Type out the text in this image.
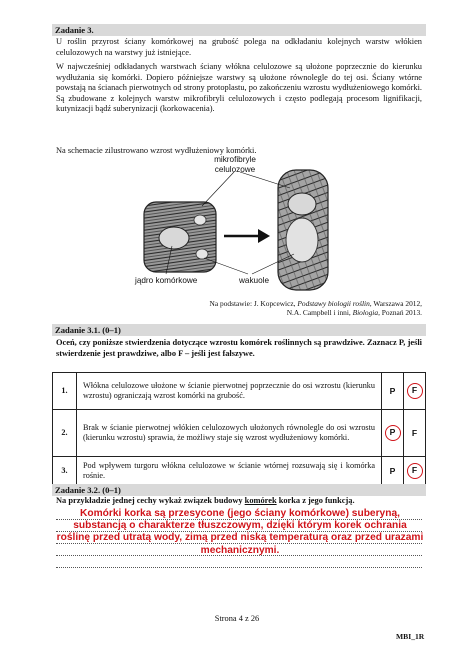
Zadanie 3.
U roślin przyrost ściany komórkowej na grubość polega na odkładaniu kolejnych warstw włókien celulozowych na warstwy już istniejące.
W najwcześniej odkładanych warstwach ściany włókna celulozowe są ułożone poprzecznie do kierunku wydłużania się komórki. Dopiero późniejsze warstwy są ułożone równolegle do tej osi. Ściany wtórne powstają na ścianach pierwotnych od strony protoplastu, po zakończeniu wzrostu wydłużeniowego komórki. Są zbudowane z kolejnych warstw mikrofibryli celulozowych i często podlegają procesom lignifikacji, kutynizacji bądź suberynizacji (korkowacenia).
Na schemacie zilustrowano wzrost wydłużeniowy komórki.
mikrofibryle celulozowe
jądro komórkowe	wakuole
Na podstawie: J. Kopcewicz, Podstawy biologii roślin, Warszawa 2012,
N.A. Campbell i inni, Biologia, Poznań 2013.
Zadanie 3.1. (0–1)
Oceń, czy poniższe stwierdzenia dotyczące wzrostu komórek roślinnych są prawdziwe. Zaznacz P, jeśli stwierdzenie jest prawdziwe, albo F – jeśli jest fałszywe.
1.	Włókna celulozowe ułożone w ścianie pierwotnej poprzecznie do osi wzrostu (kierunku wzrostu) ograniczają wzrost komórki na grubość.	P	F
2.	Brak w ścianie pierwotnej włókien celulozowych ułożonych równolegle do osi wzrostu (kierunku wzrostu) sprawia, że możliwy staje się wzrost wydłużeniowy komórki.	P	F
3.	Pod wpływem turgoru włókna celulozowe w ścianie wtórnej rozsuwają się i komórka rośnie.	P	F
Zadanie 3.2. (0–1)
Na przykładzie jednej cechy wykaż związek budowy komórek korka z jego funkcją.
Komórki korka są przesycone (jego ściany komórkowe) suberyną, substancją o charakterze tłuszczowym, dzięki którym korek ochrania roślinę przed utratą wody, zimą przed niską temperaturą oraz przed urazami mechanicznymi.
Strona 4 z 26
MBI_1R
